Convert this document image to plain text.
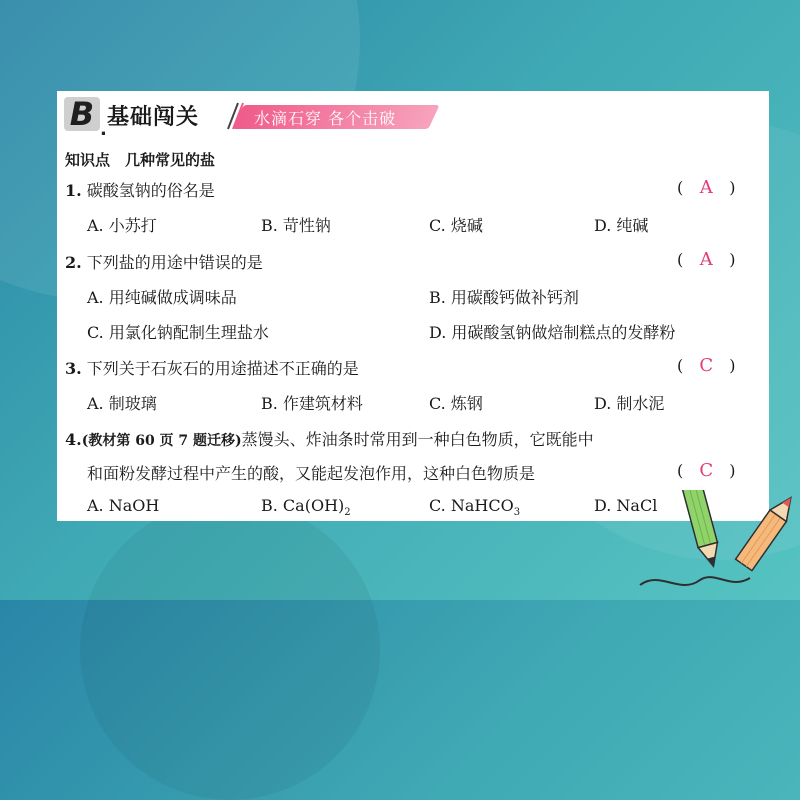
B . 基础闯关	水滴石穿 各个击破
知识点　几种常见的盐
1. 碳酸氢钠的俗名是	( A )
A. 小苏打	B. 苛性钠	C. 烧碱	D. 纯碱
2. 下列盐的用途中错误的是	( A )
A. 用纯碱做成调味品	B. 用碳酸钙做补钙剂
C. 用氯化钠配制生理盐水	D. 用碳酸氢钠做焙制糕点的发酵粉
3. 下列关于石灰石的用途描述不正确的是	( C )
A. 制玻璃	B. 作建筑材料	C. 炼钢	D. 制水泥
4.(教材第 60 页 7 题迁移)蒸馒头、炸油条时常用到一种白色物质，它既能中
和面粉发酵过程中产生的酸，又能起发泡作用，这种白色物质是	( C )
A. NaOH	B. $Ca(OH)_2$	C. NaHCO$_3$	D. NaCl
